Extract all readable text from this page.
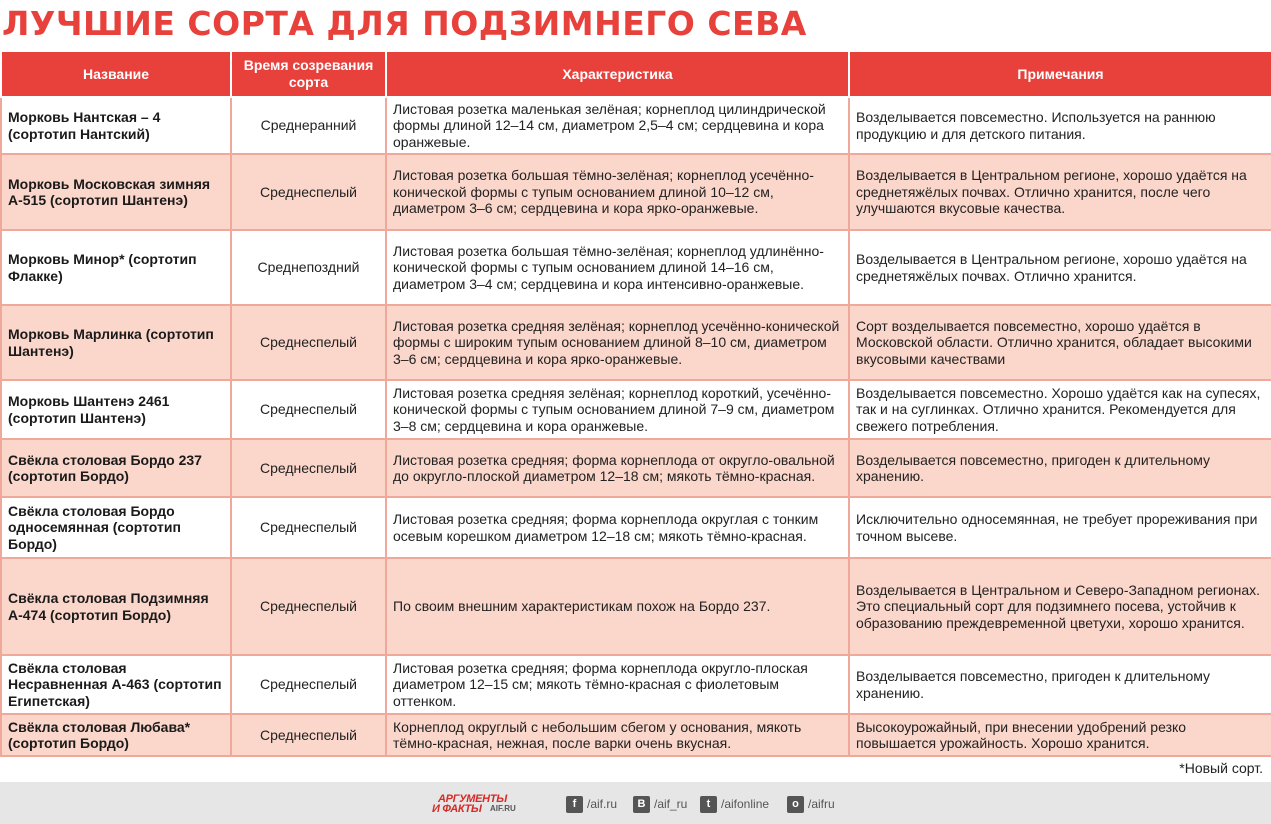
ЛУЧШИЕ СОРТА ДЛЯ ПОДЗИМНЕГО СЕВА
Название	Время созревания сорта	Характеристика	Примечания
Морковь Нантская – 4 (сортотип Нантский)	Среднеранний	Листовая розетка маленькая зелёная; корнеплод цилиндрической формы длиной 12–14 см, диаметром 2,5–4 см; сердцевина и кора оранжевые.	Возделывается повсеместно. Используется на раннюю продукцию и для детского питания.
Морковь Московская зимняя А-515 (сортотип Шантенэ)	Среднеспелый	Листовая розетка большая тёмно-зелёная; корнеплод усечённо-конической формы с тупым основанием длиной 10–12 см, диаметром 3–6 см; сердцевина и кора ярко-оранжевые.	Возделывается в Центральном регионе, хорошо удаётся на среднетяжёлых почвах. Отлично хранится, после чего улучшаются вкусовые качества.
Морковь Минор* (сортотип Флакке)	Среднепоздний	Листовая розетка большая тёмно-зелёная; корнеплод удлинённо-конической формы с тупым основанием длиной 14–16 см, диаметром 3–4 см; сердцевина и кора интенсивно-оранжевые.	Возделывается в Центральном регионе, хорошо удаётся на среднетяжёлых почвах. Отлично хранится.
Морковь Марлинка (сортотип Шантенэ)	Среднеспелый	Листовая розетка средняя зелёная; корнеплод усечённо-конической формы с широким тупым основанием длиной 8–10 см, диаметром 3–6 см; сердцевина и кора ярко-оранжевые.	Сорт возделывается повсеместно, хорошо удаётся в Московской области. Отлично хранится, обладает высокими вкусовыми качествами
Морковь Шантенэ 2461 (сортотип Шантенэ)	Среднеспелый	Листовая розетка средняя зелёная; корнеплод короткий, усечённо-конической формы с тупым основанием длиной 7–9 см, диаметром 3–8 см; сердцевина и кора оранжевые.	Возделывается повсеместно. Хорошо удаётся как на супесях, так и на суглинках. Отлично хранится. Рекомендуется для свежего потребления.
Свёкла столовая Бордо 237 (сортотип Бордо)	Среднеспелый	Листовая розетка средняя; форма корнеплода от округло-овальной до округло-плоской диаметром 12–18 см; мякоть тёмно-красная.	Возделывается повсеместно, пригоден к длительному хранению.
Свёкла столовая Бордо односемянная (сортотип Бордо)	Среднеспелый	Листовая розетка средняя; форма корнеплода округлая с тонким осевым корешком диаметром 12–18 см; мякоть тёмно-красная.	Исключительно односемянная, не требует прореживания при точном высеве.
Свёкла столовая Подзимняя А-474 (сортотип Бордо)	Среднеспелый	По своим внешним характеристикам похож на Бордо 237.	Возделывается в Центральном и Северо-Западном регионах. Это специальный сорт для подзимнего посева, устойчив к образованию преждевременной цветухи, хорошо хранится.
Свёкла столовая Несравненная А-463 (сортотип Египетская)	Среднеспелый	Листовая розетка средняя; форма корнеплода округло-плоская диаметром 12–15 см; мякоть тёмно-красная с фиолетовым оттенком.	Возделывается повсеместно, пригоден к длительному хранению.
Свёкла столовая Любава* (сортотип Бордо)	Среднеспелый	Корнеплод округлый с небольшим сбегом у основания, мякоть тёмно-красная, нежная, после варки очень вкусная.	Высокоурожайный, при внесении удобрений резко повышается урожайность. Хорошо хранится.
*Новый сорт.
АРГУМЕНТЫ
И ФАКТЫ AIF.RU	f /aif.ru	B /aif_ru	t /aifonline	o /aifru
